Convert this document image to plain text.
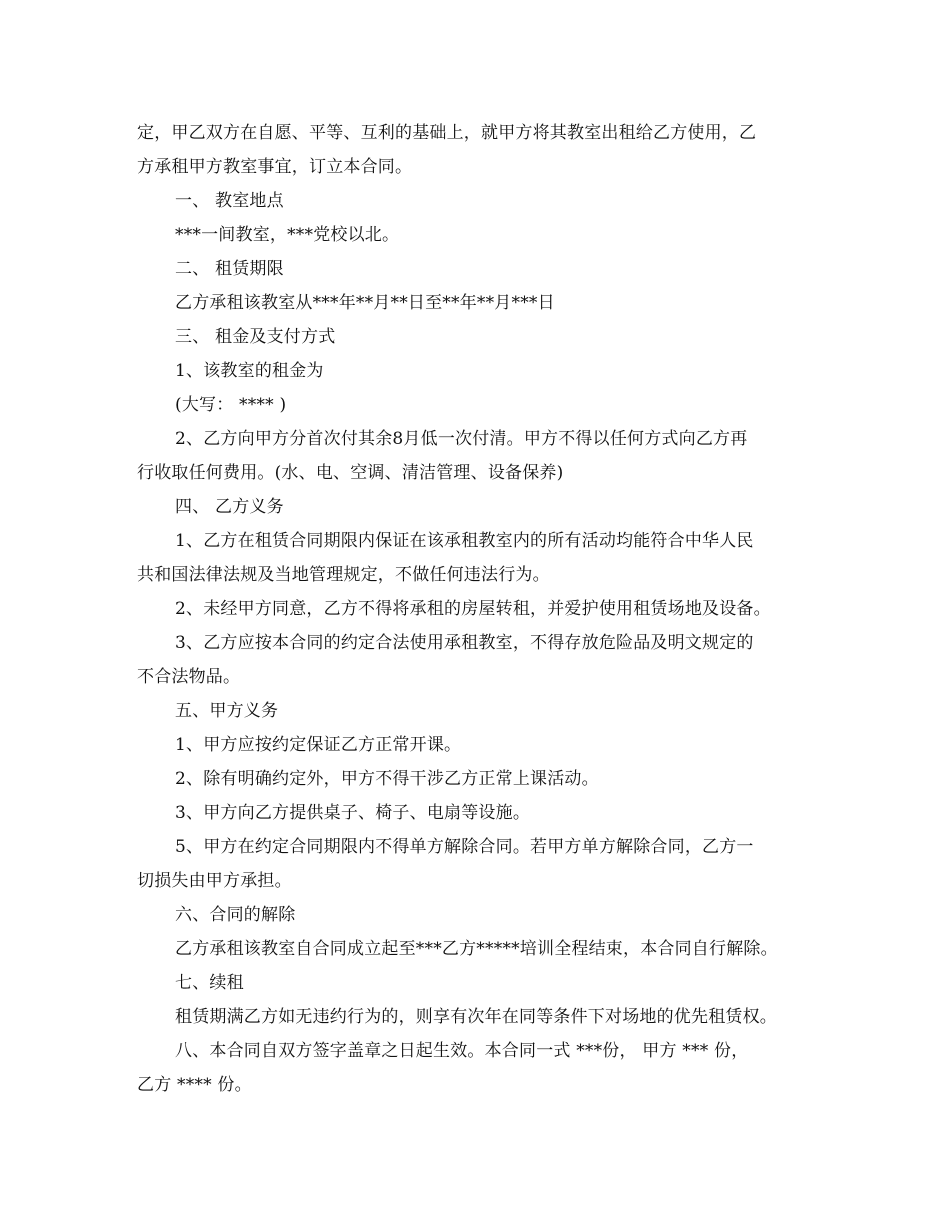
定，甲乙双方在自愿、平等、互利的基础上，就甲方将其教室出租给乙方使用，乙
方承租甲方教室事宜，订立本合同。
一、 教室地点
***一间教室，***党校以北。
二、 租赁期限
乙方承租该教室从***年**月**日至**年**月***日
三、 租金及支付方式
1、该教室的租金为
(大写： **** )
2、乙方向甲方分首次付其余8月低一次付清。甲方不得以任何方式向乙方再
行收取任何费用。(水、电、空调、清洁管理、设备保养)
四、 乙方义务
1、乙方在租赁合同期限内保证在该承租教室内的所有活动均能符合中华人民
共和国法律法规及当地管理规定，不做任何违法行为。
2、未经甲方同意，乙方不得将承租的房屋转租，并爱护使用租赁场地及设备。
3、乙方应按本合同的约定合法使用承租教室，不得存放危险品及明文规定的
不合法物品。
五、甲方义务
1、甲方应按约定保证乙方正常开课。
2、除有明确约定外，甲方不得干涉乙方正常上课活动。
3、甲方向乙方提供桌子、椅子、电扇等设施。
5、甲方在约定合同期限内不得单方解除合同。若甲方单方解除合同，乙方一
切损失由甲方承担。
六、合同的解除
乙方承租该教室自合同成立起至***乙方*****培训全程结束，本合同自行解除。
七、续租
租赁期满乙方如无违约行为的，则享有次年在同等条件下对场地的优先租赁权。
八、本合同自双方签字盖章之日起生效。本合同一式 ***份， 甲方 *** 份，
乙方 **** 份。
